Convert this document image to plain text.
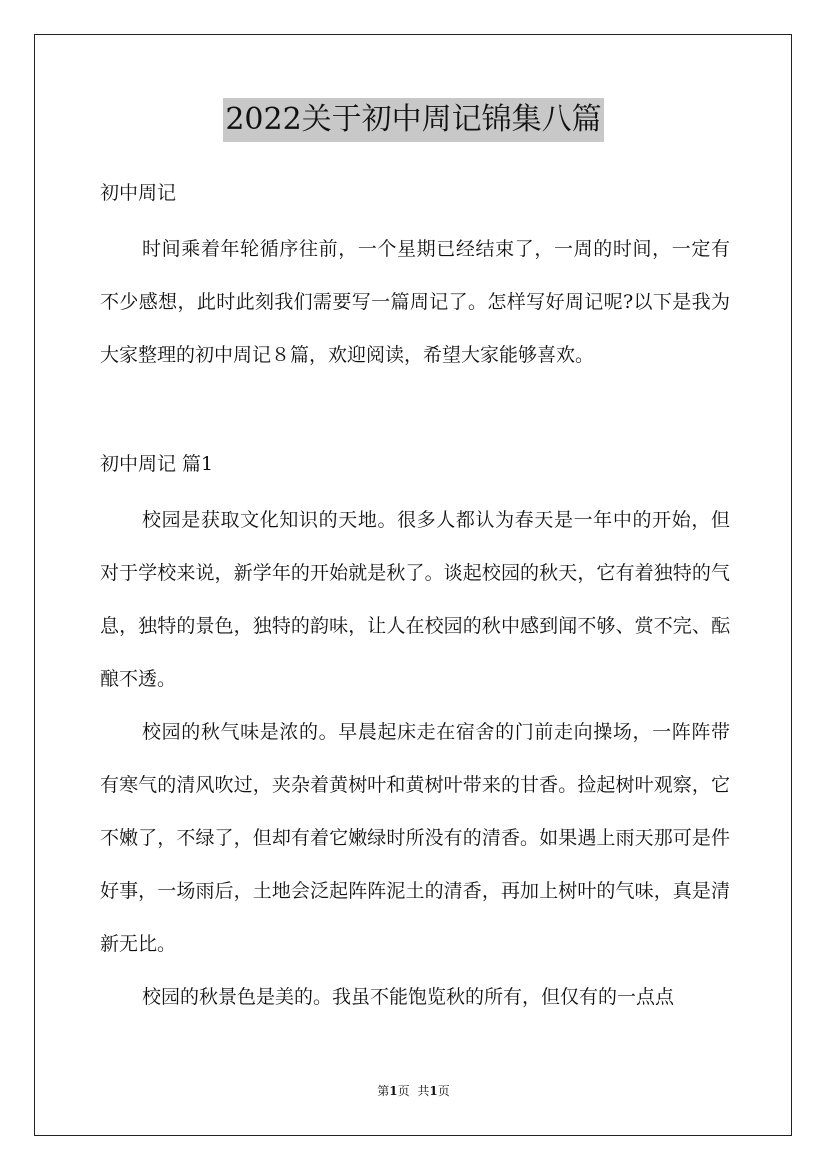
2022关于初中周记锦集八篇

初中周记

时间乘着年轮循序往前，一个星期已经结束了，一周的时间，一定有不少感想，此时此刻我们需要写一篇周记了。怎样写好周记呢?以下是我为大家整理的初中周记８篇，欢迎阅读，希望大家能够喜欢。

初中周记 篇1

校园是获取文化知识的天地。很多人都认为春天是一年中的开始，但对于学校来说，新学年的开始就是秋了。谈起校园的秋天，它有着独特的气息，独特的景色，独特的韵味，让人在校园的秋中感到闻不够、赏不完、酝酿不透。

校园的秋气味是浓的。早晨起床走在宿舍的门前走向操场，一阵阵带有寒气的清风吹过，夹杂着黄树叶和黄树叶带来的甘香。捡起树叶观察，它不嫩了，不绿了，但却有着它嫩绿时所没有的清香。如果遇上雨天那可是件好事，一场雨后，土地会泛起阵阵泥土的清香，再加上树叶的气味，真是清新无比。

校园的秋景色是美的。我虽不能饱览秋的所有，但仅有的一点点

第1页 共1页
